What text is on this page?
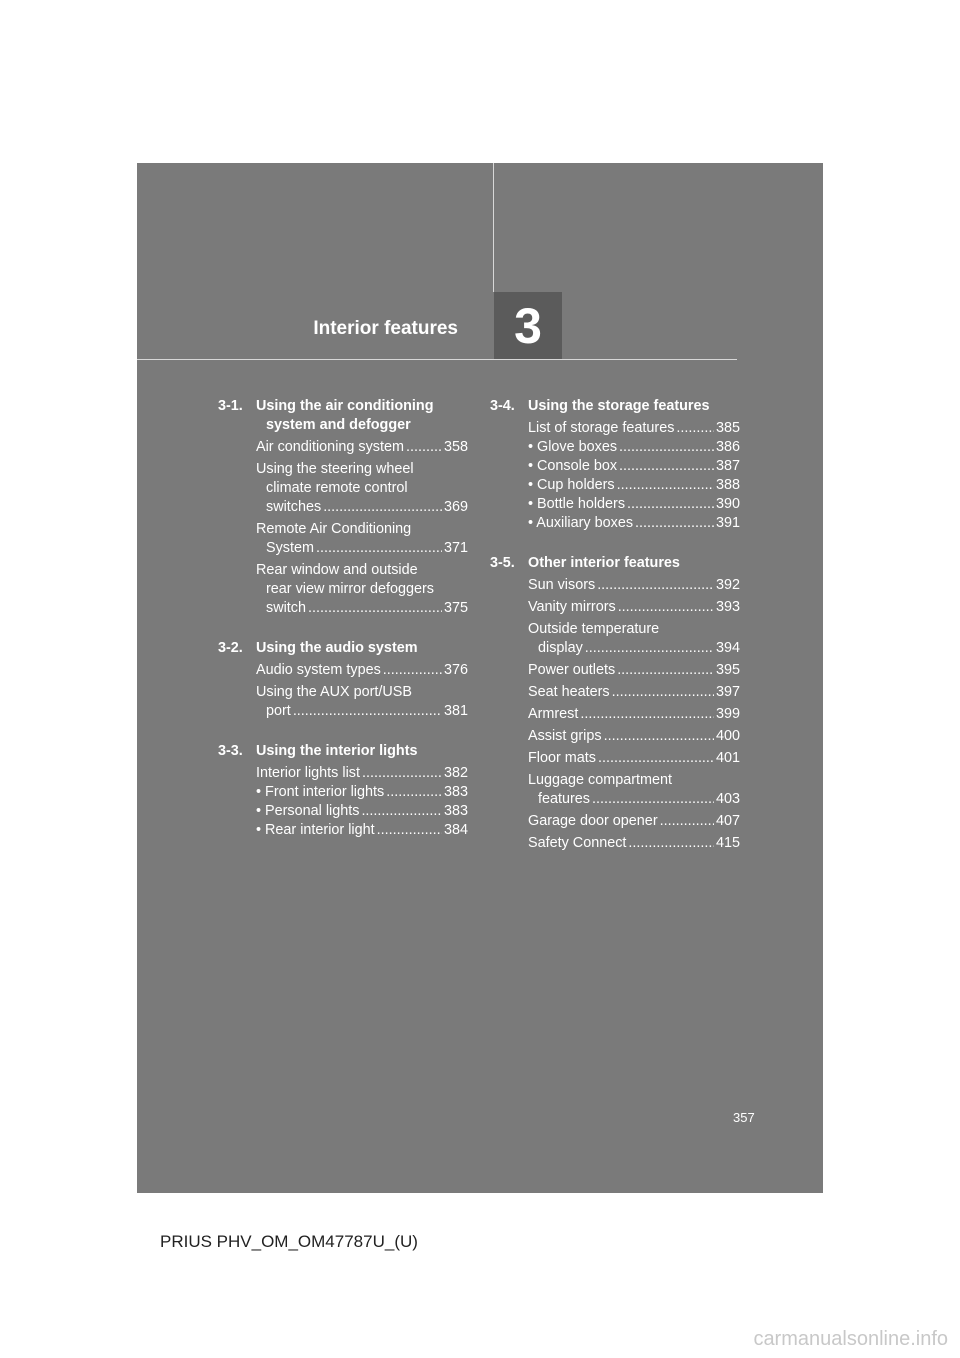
Interior features 3
3-1. Using the air conditioning
system and defogger
Air conditioning system .....	358
Using the steering wheel
climate remote control
switches .....	369
Remote Air Conditioning
System .....	371
Rear window and outside
rear view mirror defoggers
switch .....	375
3-2. Using the audio system
Audio system types .....	376
Using the AUX port/USB
port .....	381
3-3. Using the interior lights
Interior lights list .....	382
• Front interior lights .....	383
• Personal lights .....	383
• Rear interior light .....	384
3-4. Using the storage features
List of storage features .....	385
• Glove boxes .....	386
• Console box .....	387
• Cup holders .....	388
• Bottle holders .....	390
• Auxiliary boxes .....	391
3-5. Other interior features
Sun visors .....	392
Vanity mirrors .....	393
Outside temperature
display .....	394
Power outlets .....	395
Seat heaters .....	397
Armrest .....	399
Assist grips .....	400
Floor mats .....	401
Luggage compartment
features .....	403
Garage door opener .....	407
Safety Connect .....	415
357
PRIUS PHV_OM_OM47787U_(U)
carmanualsonline.info
